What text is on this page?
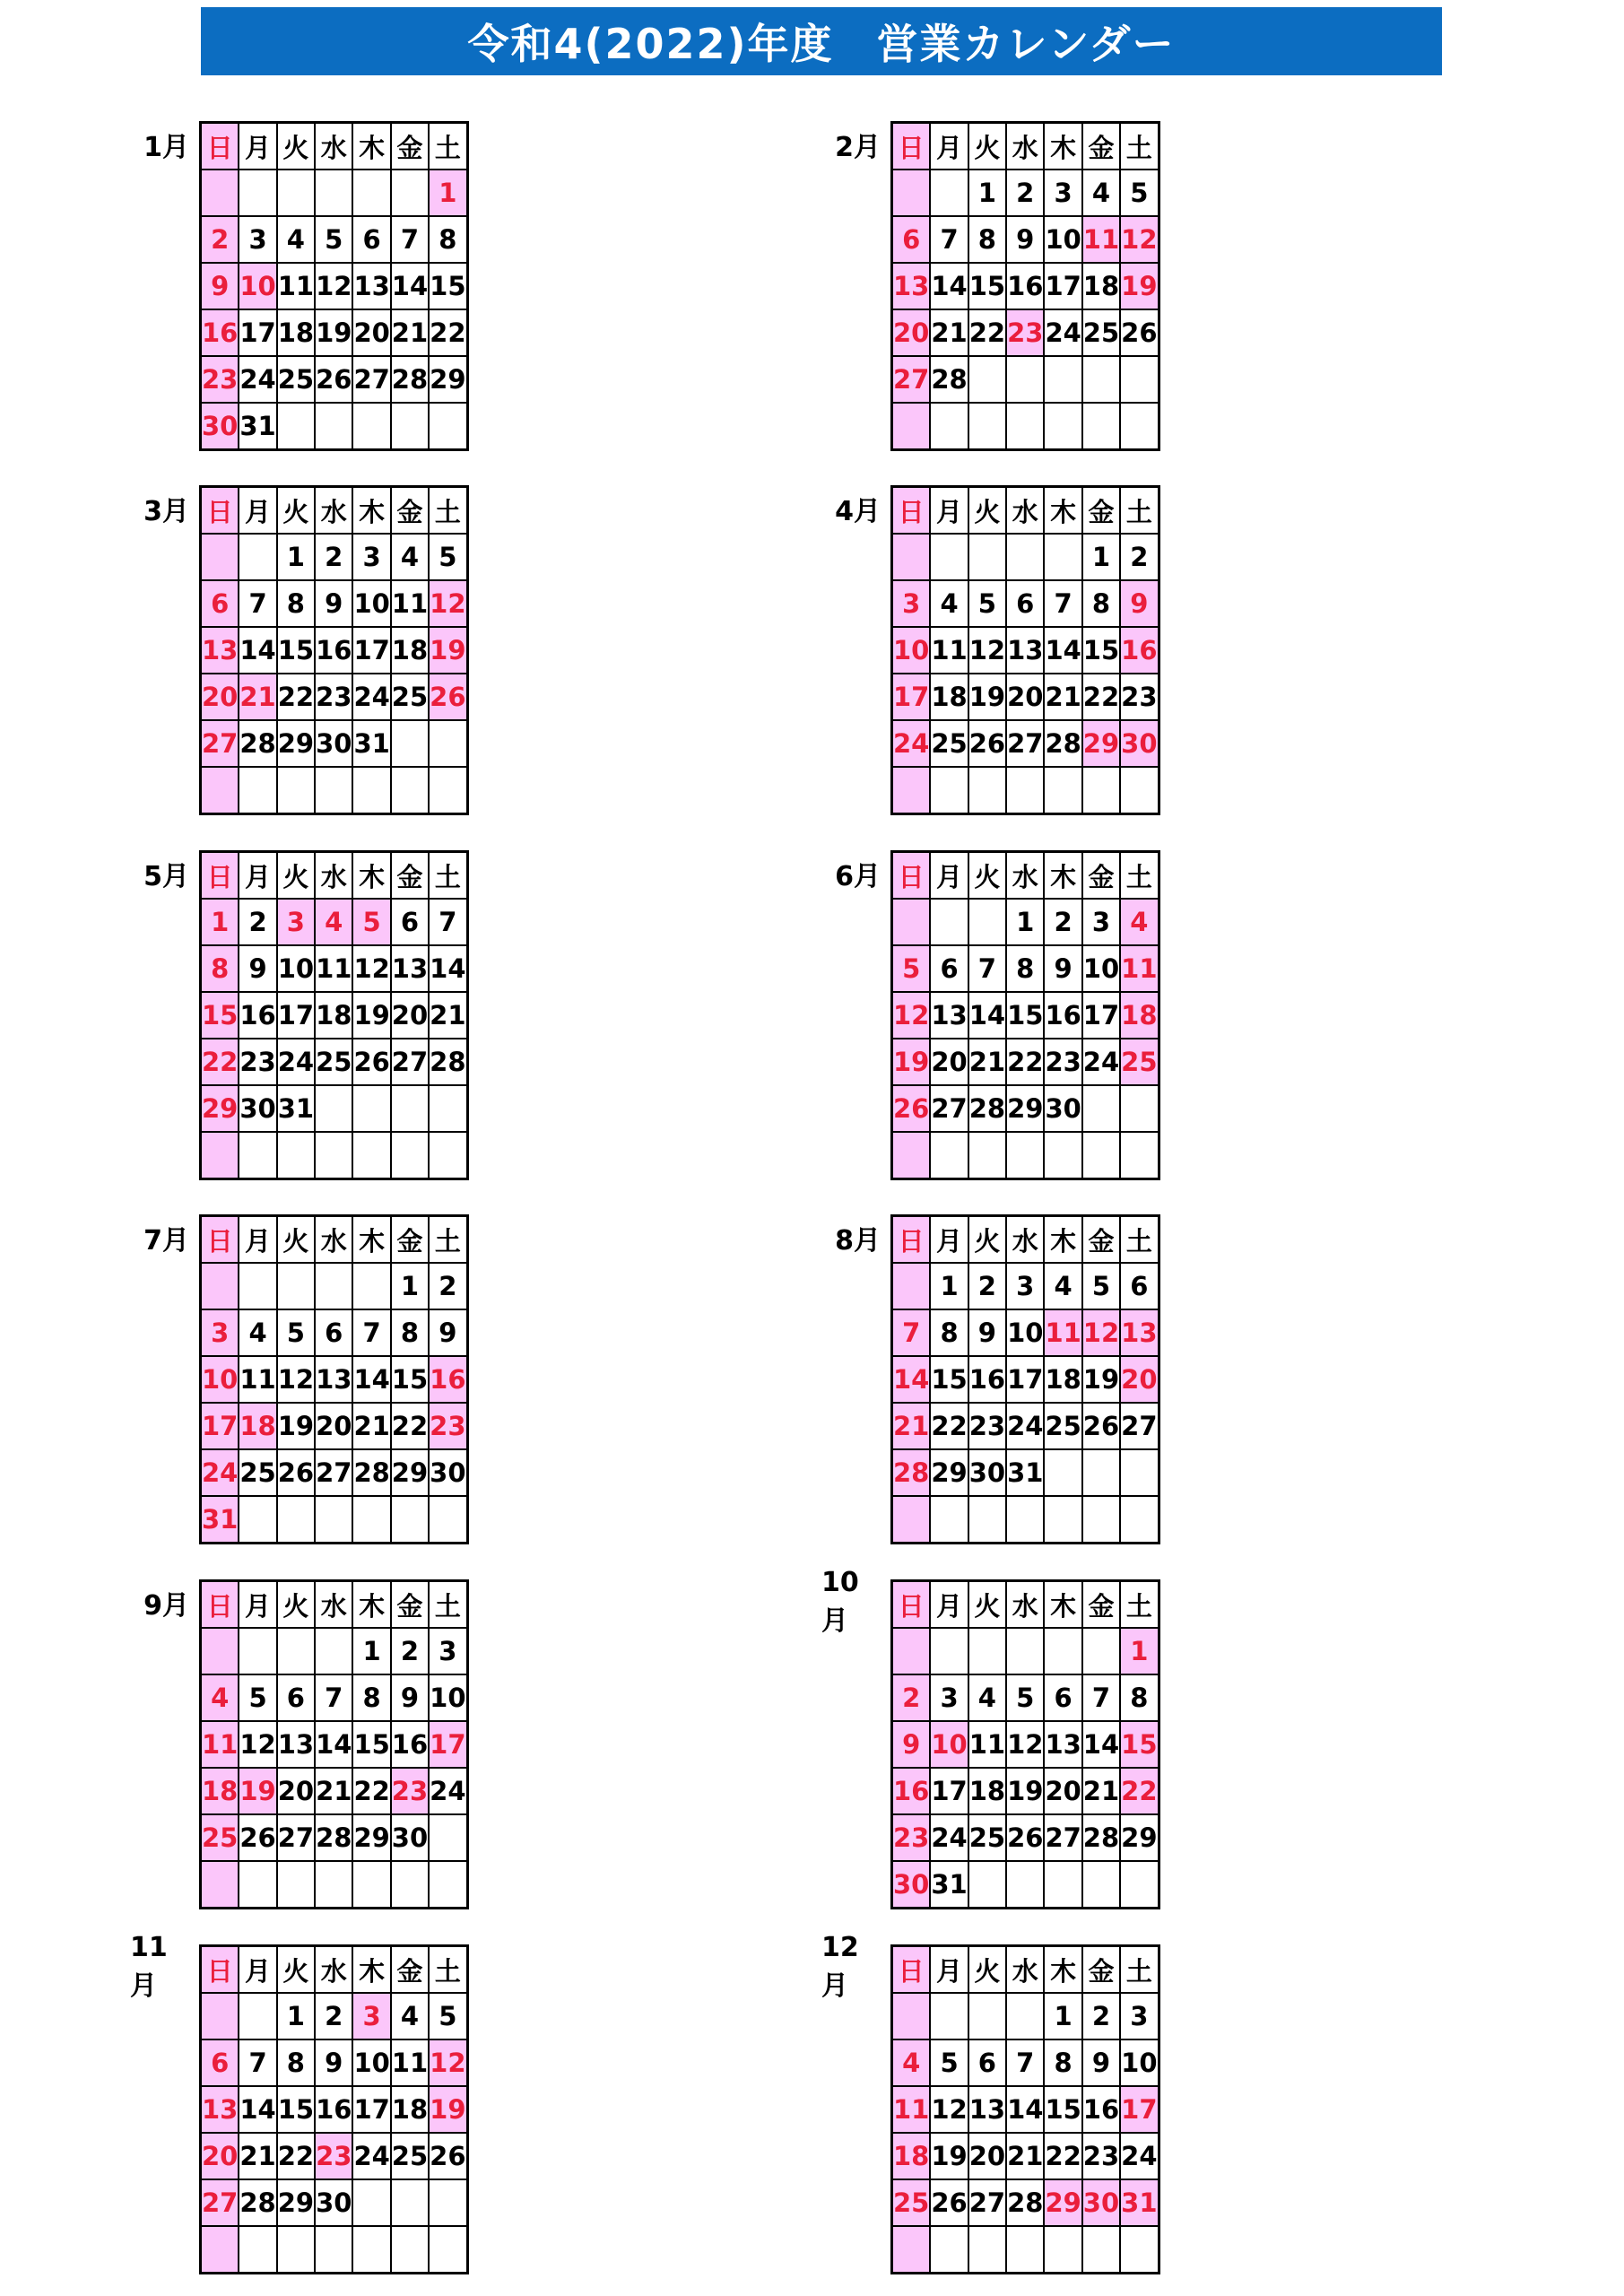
令和4(2022)年度　営業カレンダー
1月 日	月	火	水	木	金	土
						1
2	3	4	5	6	7	8
9	10	11	12	13	14	15
16	17	18	19	20	21	22
23	24	25	26	27	28	29
30	31					
2月 日	月	火	水	木	金	土
		1	2	3	4	5
6	7	8	9	10	11	12
13	14	15	16	17	18	19
20	21	22	23	24	25	26
27	28					

3月 日	月	火	水	木	金	土
		1	2	3	4	5
6	7	8	9	10	11	12
13	14	15	16	17	18	19
20	21	22	23	24	25	26
27	28	29	30	31		

4月 日	月	火	水	木	金	土
					1	2
3	4	5	6	7	8	9
10	11	12	13	14	15	16
17	18	19	20	21	22	23
24	25	26	27	28	29	30

5月 日	月	火	水	木	金	土
1	2	3	4	5	6	7
8	9	10	11	12	13	14
15	16	17	18	19	20	21
22	23	24	25	26	27	28
29	30	31				

6月 日	月	火	水	木	金	土
			1	2	3	4
5	6	7	8	9	10	11
12	13	14	15	16	17	18
19	20	21	22	23	24	25
26	27	28	29	30		

7月 日	月	火	水	木	金	土
					1	2
3	4	5	6	7	8	9
10	11	12	13	14	15	16
17	18	19	20	21	22	23
24	25	26	27	28	29	30
31						
8月 日	月	火	水	木	金	土
	1	2	3	4	5	6
7	8	9	10	11	12	13
14	15	16	17	18	19	20
21	22	23	24	25	26	27
28	29	30	31			

9月 日	月	火	水	木	金	土
				1	2	3
4	5	6	7	8	9	10
11	12	13	14	15	16	17
18	19	20	21	22	23	24
25	26	27	28	29	30	

10月	日	月	火	水	木	金	土
						1
2	3	4	5	6	7	8
9	10	11	12	13	14	15
16	17	18	19	20	21	22
23	24	25	26	27	28	29
30	31					
11月	日	月	火	水	木	金	土
		1	2	3	4	5
6	7	8	9	10	11	12
13	14	15	16	17	18	19
20	21	22	23	24	25	26
27	28	29	30			

12月	日	月	火	水	木	金	土
				1	2	3
4	5	6	7	8	9	10
11	12	13	14	15	16	17
18	19	20	21	22	23	24
25	26	27	28	29	30	31
